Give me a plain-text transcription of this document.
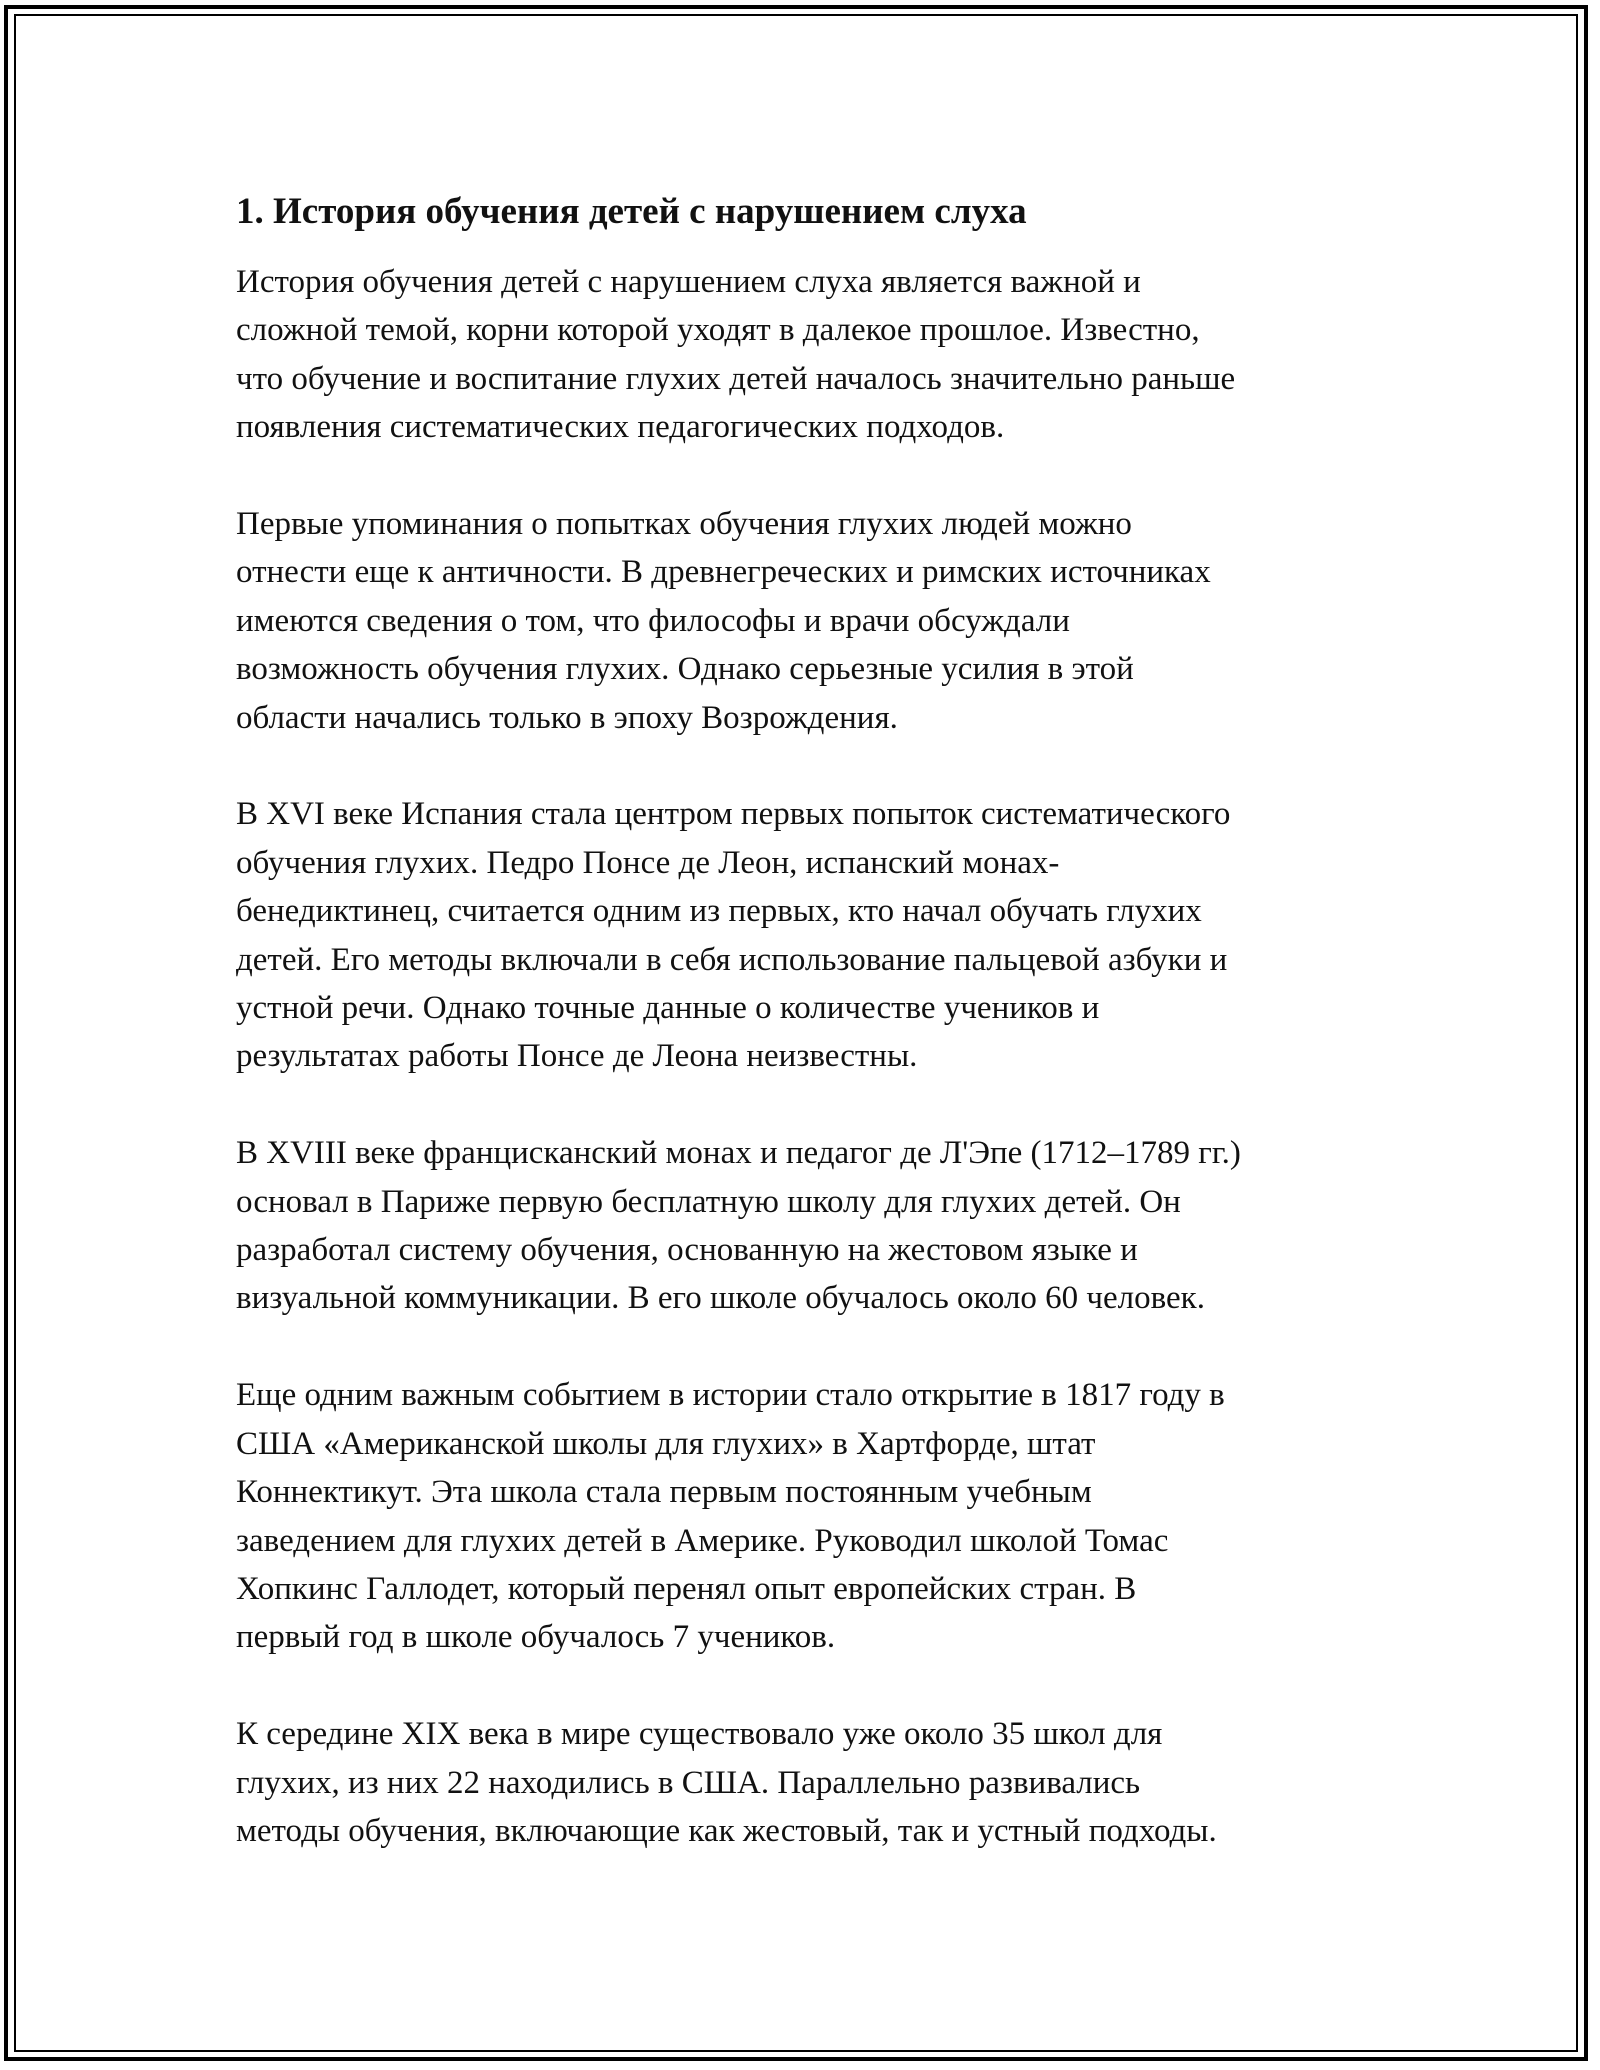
1. История обучения детей с нарушением слуха

История обучения детей с нарушением слуха является важной и
сложной темой, корни которой уходят в далекое прошлое. Известно,
что обучение и воспитание глухих детей началось значительно раньше
появления систематических педагогических подходов.

Первые упоминания о попытках обучения глухих людей можно
отнести еще к античности. В древнегреческих и римских источниках
имеются сведения о том, что философы и врачи обсуждали
возможность обучения глухих. Однако серьезные усилия в этой
области начались только в эпоху Возрождения.

В XVI веке Испания стала центром первых попыток систематического
обучения глухих. Педро Понсе де Леон, испанский монах-
бенедиктинец, считается одним из первых, кто начал обучать глухих
детей. Его методы включали в себя использование пальцевой азбуки и
устной речи. Однако точные данные о количестве учеников и
результатах работы Понсе де Леона неизвестны.

В XVIII веке францисканский монах и педагог де Л'Эпе (1712–1789 гг.)
основал в Париже первую бесплатную школу для глухих детей. Он
разработал систему обучения, основанную на жестовом языке и
визуальной коммуникации. В его школе обучалось около 60 человек.

Еще одним важным событием в истории стало открытие в 1817 году в
США «Американской школы для глухих» в Хартфорде, штат
Коннектикут. Эта школа стала первым постоянным учебным
заведением для глухих детей в Америке. Руководил школой Томас
Хопкинс Галлодет, который перенял опыт европейских стран. В
первый год в школе обучалось 7 учеников.

К середине XIX века в мире существовало уже около 35 школ для
глухих, из них 22 находились в США. Параллельно развивались
методы обучения, включающие как жестовый, так и устный подходы.
